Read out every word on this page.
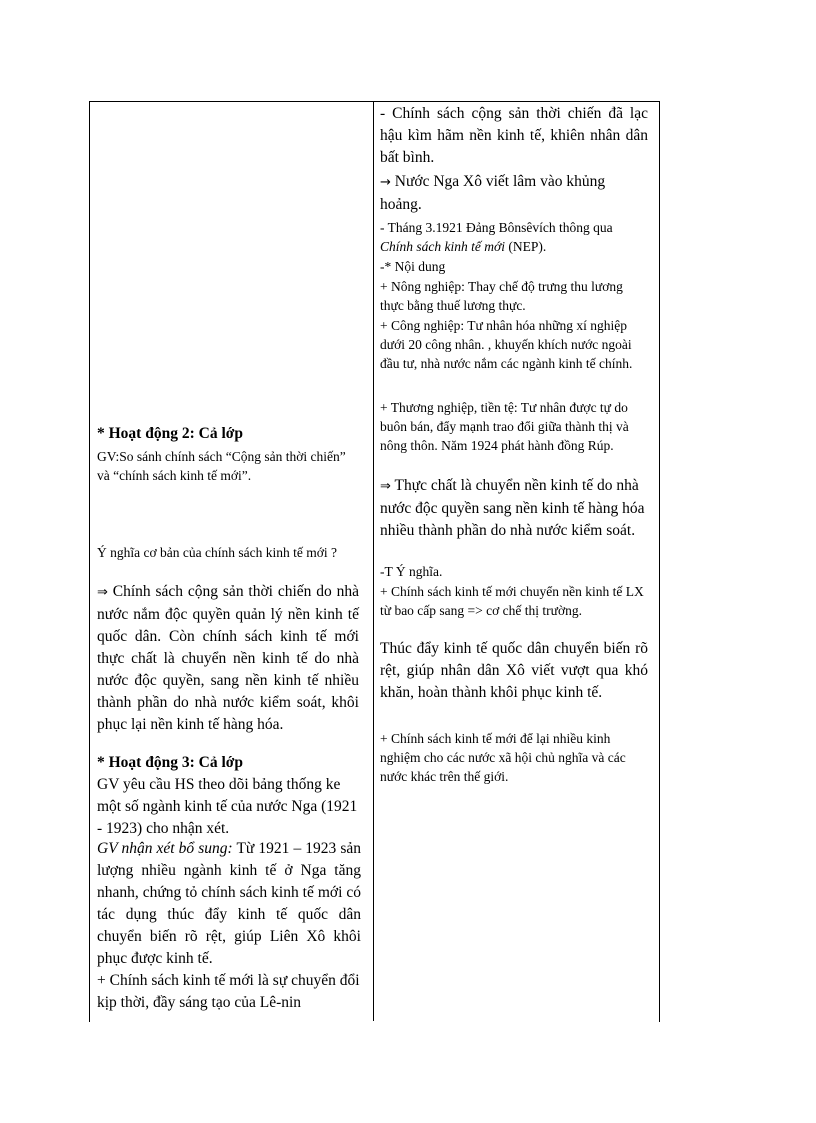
* Hoạt động 2: Cả lớp

GV:So sánh chính sách “Cộng sản thời chiến” và “chính sách kinh tế mới”.

Ý nghĩa cơ bản của chính sách kinh tế mới ?

⇒ Chính sách cộng sản thời chiến do nhà nước nắm độc quyền quản lý nền kinh tế quốc dân. Còn chính sách kinh tế mới thực chất là chuyển nền kinh tế do nhà nước độc quyền, sang nền kinh tế nhiều thành phần do nhà nước kiểm soát, khôi phục lại nền kinh tế hàng hóa.

* Hoạt động 3: Cả lớp

GV yêu cầu HS theo dõi bảng thống ke một số ngành kinh tế của nước Nga (1921 - 1923) cho nhận xét.

GV nhận xét bổ sung: Từ 1921 – 1923 sản lượng nhiều ngành kinh tế ở Nga tăng nhanh, chứng tỏ chính sách kinh tế mới có tác dụng thúc đẩy kinh tế quốc dân chuyển biến rõ rệt, giúp Liên Xô khôi phục được kinh tế.

+ Chính sách kinh tế mới là sự chuyển đổi kịp thời, đầy sáng tạo của Lê-nin

- Chính sách cộng sản thời chiến đã lạc hậu kìm hãm nền kinh tế, khiên nhân dân bất bình.

→ Nước Nga Xô viết lâm vào khủng hoảng.

- Tháng 3.1921 Đảng Bônsêvích thông qua Chính sách kinh tế mới (NEP).

-* Nội dung

+ Nông nghiệp: Thay chế độ trưng thu lương thực bằng thuế lương thực.

+ Công nghiệp: Tư nhân hóa những xí nghiệp dưới 20 công nhân. , khuyến khích nước ngoài đầu tư, nhà nước nắm các ngành kinh tế chính.

+ Thương nghiệp, tiền tệ: Tư nhân được tự do buôn bán, đẩy mạnh trao đổi giữa thành thị và nông thôn. Năm 1924 phát hành đồng Rúp.

⇒ Thực chất là chuyển nền kinh tế do nhà nước độc quyền sang nền kinh tế hàng hóa nhiều thành phần do nhà nước kiểm soát.

-T Ý nghĩa.

+ Chính sách kinh tế mới chuyển nền kinh tế LX từ bao cấp sang => cơ chế thị trường.

Thúc đẩy kinh tế quốc dân chuyển biến rõ rệt, giúp nhân dân Xô viết vượt qua khó khăn, hoàn thành khôi phục kinh tế.

+ Chính sách kinh tế mới để lại nhiều kinh nghiệm cho các nước xã hội chủ nghĩa và các nước khác trên thế giới.
